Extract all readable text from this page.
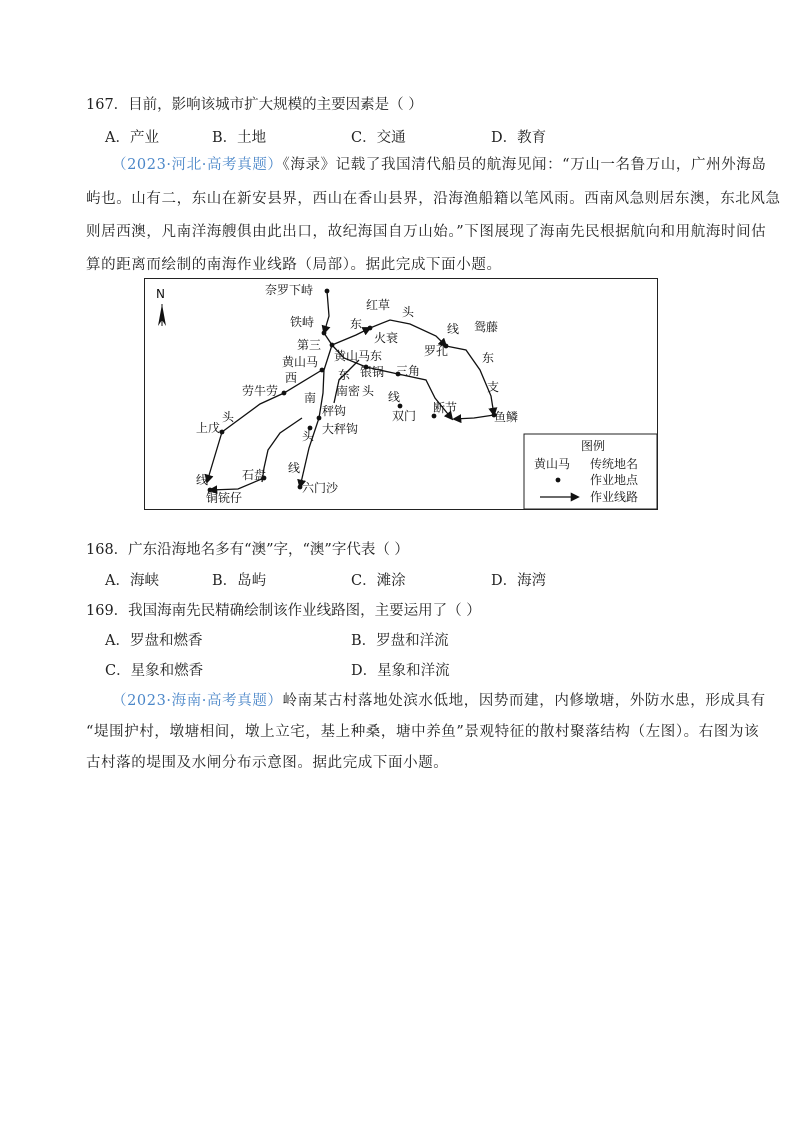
167．目前，影响该城市扩大规模的主要因素是（ ）
A．产业	B．土地	C．交通	D．教育
（2023·河北·高考真题）《海录》记载了我国清代船员的航海见闻：“万山一名鲁万山，广州外海岛
屿也。山有二，东山在新安县界，西山在香山县界，沿海渔船籍以笔风雨。西南风急则居东澳，东北风急
则居西澳，凡南洋海艘俱由此出口，故纪海国自万山始。”下图展现了海南先民根据航向和用航海时间估
算的距离而绘制的南海作业线路（局部）。据此完成下面小题。
N	奈罗下峙
铁峙
红草
火衰
第三
黄山马东
黄山马
罗孔
鸳藤
银锅 三角
劳牛劳	南密
秤钩
大秤钩
双门
断节
鱼鳞
上戊
石盘
铜铳仔
六门沙
东
头
线
东
支
西
南
东
头 线
头
线
头
线
图例
黄山马 传统地名
作业地点
作业线路
168．广东沿海地名多有“澳”字，“澳”字代表（ ）
A．海峡	B．岛屿	C．滩涂	D．海湾
169．我国海南先民精确绘制该作业线路图，主要运用了（ ）
A．罗盘和燃香	B．罗盘和洋流
C．星象和燃香	D．星象和洋流
（2023·海南·高考真题）岭南某古村落地处滨水低地，因势而建，内修墩塘，外防水患，形成具有
“堤围护村，墩塘相间，墩上立宅，基上种桑，塘中养鱼”景观特征的散村聚落结构（左图）。右图为该
古村落的堤围及水闸分布示意图。据此完成下面小题。
